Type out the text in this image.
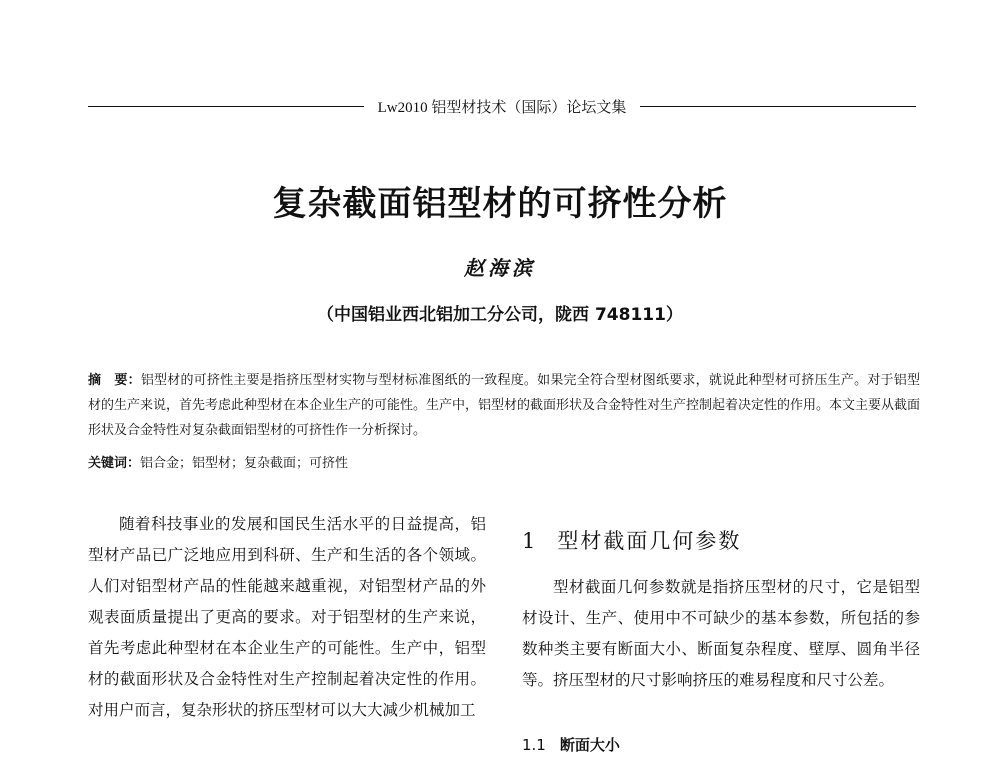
Lw2010 铝型材技术（国际）论坛文集
复杂截面铝型材的可挤性分析
赵海滨
（中国铝业西北铝加工分公司，陇西 748111）
摘　要：铝型材的可挤性主要是指挤压型材实物与型材标准图纸的一致程度。如果完全符合型材图纸要求，就说此种型材可挤压生产。对于铝型材的生产来说，首先考虑此种型材在本企业生产的可能性。生产中，铝型材的截面形状及合金特性对生产控制起着决定性的作用。本文主要从截面形状及合金特性对复杂截面铝型材的可挤性作一分析探讨。
关键词：铝合金；铝型材；复杂截面；可挤性
随着科技事业的发展和国民生活水平的日益提高，铝型材产品已广泛地应用到科研、生产和生活的各个领域。人们对铝型材产品的性能越来越重视，对铝型材产品的外观表面质量提出了更高的要求。对于铝型材的生产来说，首先考虑此种型材在本企业生产的可能性。生产中，铝型材的截面形状及合金特性对生产控制起着决定性的作用。对用户而言，复杂形状的挤压型材可以大大减少机械加工
1 型材截面几何参数
型材截面几何参数就是指挤压型材的尺寸，它是铝型材设计、生产、使用中不可缺少的基本参数，所包括的参数种类主要有断面大小、断面复杂程度、壁厚、圆角半径等。挤压型材的尺寸影响挤压的难易程度和尺寸公差。
1.1 断面大小
